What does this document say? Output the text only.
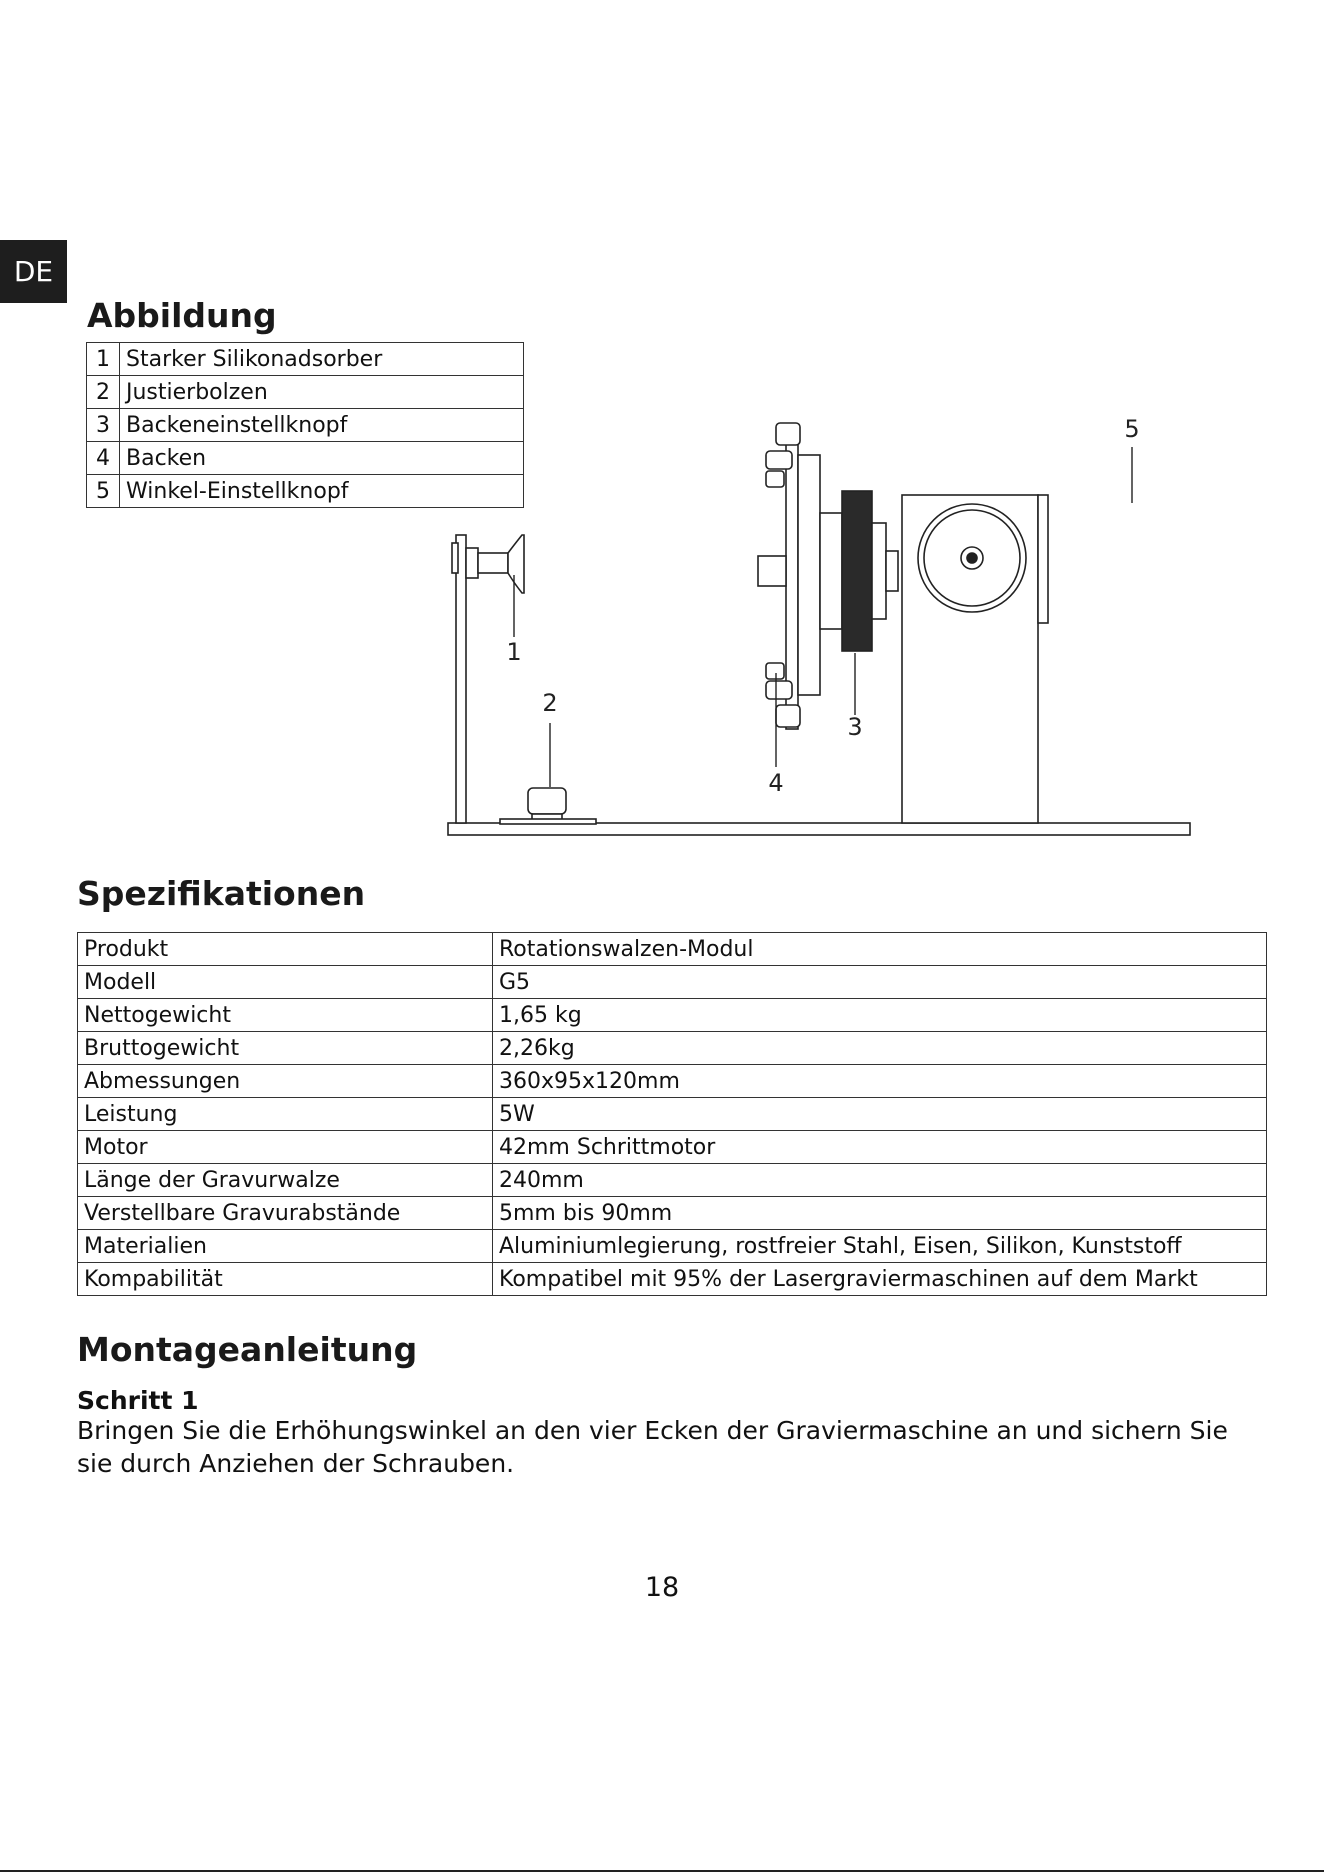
DE
Abbildung
1	Starker Silikonadsorber
2	Justierbolzen
3	Backeneinstellknopf
4	Backen
5	Winkel-Einstellknopf
1
2
3
4
5
Spezifikationen
Produkt	Rotationswalzen-Modul
Modell	G5
Nettogewicht	1,65 kg
Bruttogewicht	2,26kg
Abmessungen	360x95x120mm
Leistung	5W
Motor	42mm Schrittmotor
Länge der Gravurwalze	240mm
Verstellbare Gravurabstände	5mm bis 90mm
Materialien	Aluminiumlegierung, rostfreier Stahl, Eisen, Silikon, Kunststoff
Kompabilität	Kompatibel mit 95% der Lasergraviermaschinen auf dem Markt
Montageanleitung

Schritt 1

Bringen Sie die Erhöhungswinkel an den vier Ecken der Graviermaschine an und sichern Sie sie durch Anziehen der Schrauben.

18
